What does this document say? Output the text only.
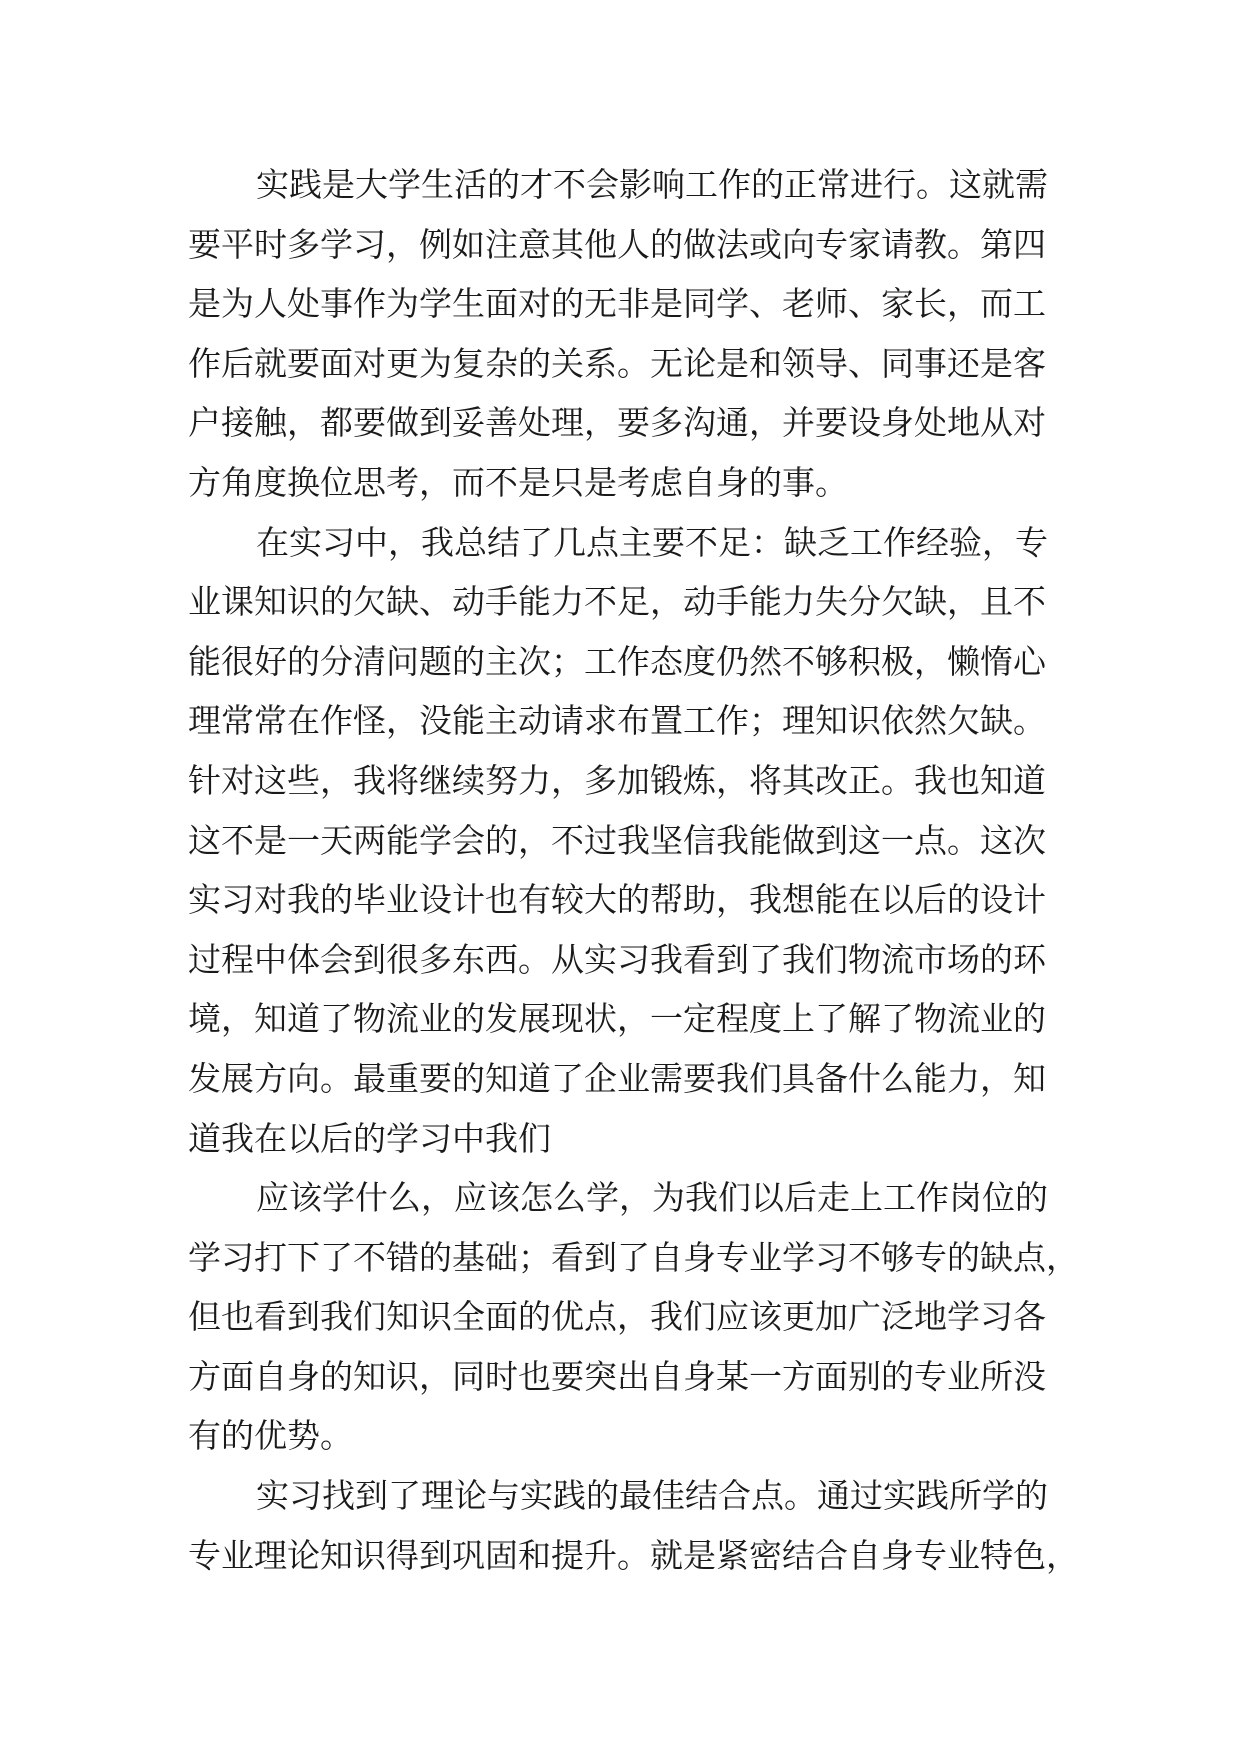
实践是大学生活的才不会影响工作的正常进行。这就需
要平时多学习，例如注意其他人的做法或向专家请教。第四
是为人处事作为学生面对的无非是同学、老师、家长，而工
作后就要面对更为复杂的关系。无论是和领导、同事还是客
户接触，都要做到妥善处理，要多沟通，并要设身处地从对
方角度换位思考，而不是只是考虑自身的事。
在实习中，我总结了几点主要不足：缺乏工作经验，专
业课知识的欠缺、动手能力不足，动手能力失分欠缺，且不
能很好的分清问题的主次；工作态度仍然不够积极，懒惰心
理常常在作怪，没能主动请求布置工作；理知识依然欠缺。
针对这些，我将继续努力，多加锻炼，将其改正。我也知道
这不是一天两能学会的，不过我坚信我能做到这一点。这次
实习对我的毕业设计也有较大的帮助，我想能在以后的设计
过程中体会到很多东西。从实习我看到了我们物流市场的环
境，知道了物流业的发展现状，一定程度上了解了物流业的
发展方向。最重要的知道了企业需要我们具备什么能力，知
道我在以后的学习中我们
应该学什么，应该怎么学，为我们以后走上工作岗位的
学习打下了不错的基础；看到了自身专业学习不够专的缺点，
但也看到我们知识全面的优点，我们应该更加广泛地学习各
方面自身的知识，同时也要突出自身某一方面别的专业所没
有的优势。
实习找到了理论与实践的最佳结合点。通过实践所学的
专业理论知识得到巩固和提升。就是紧密结合自身专业特色，
